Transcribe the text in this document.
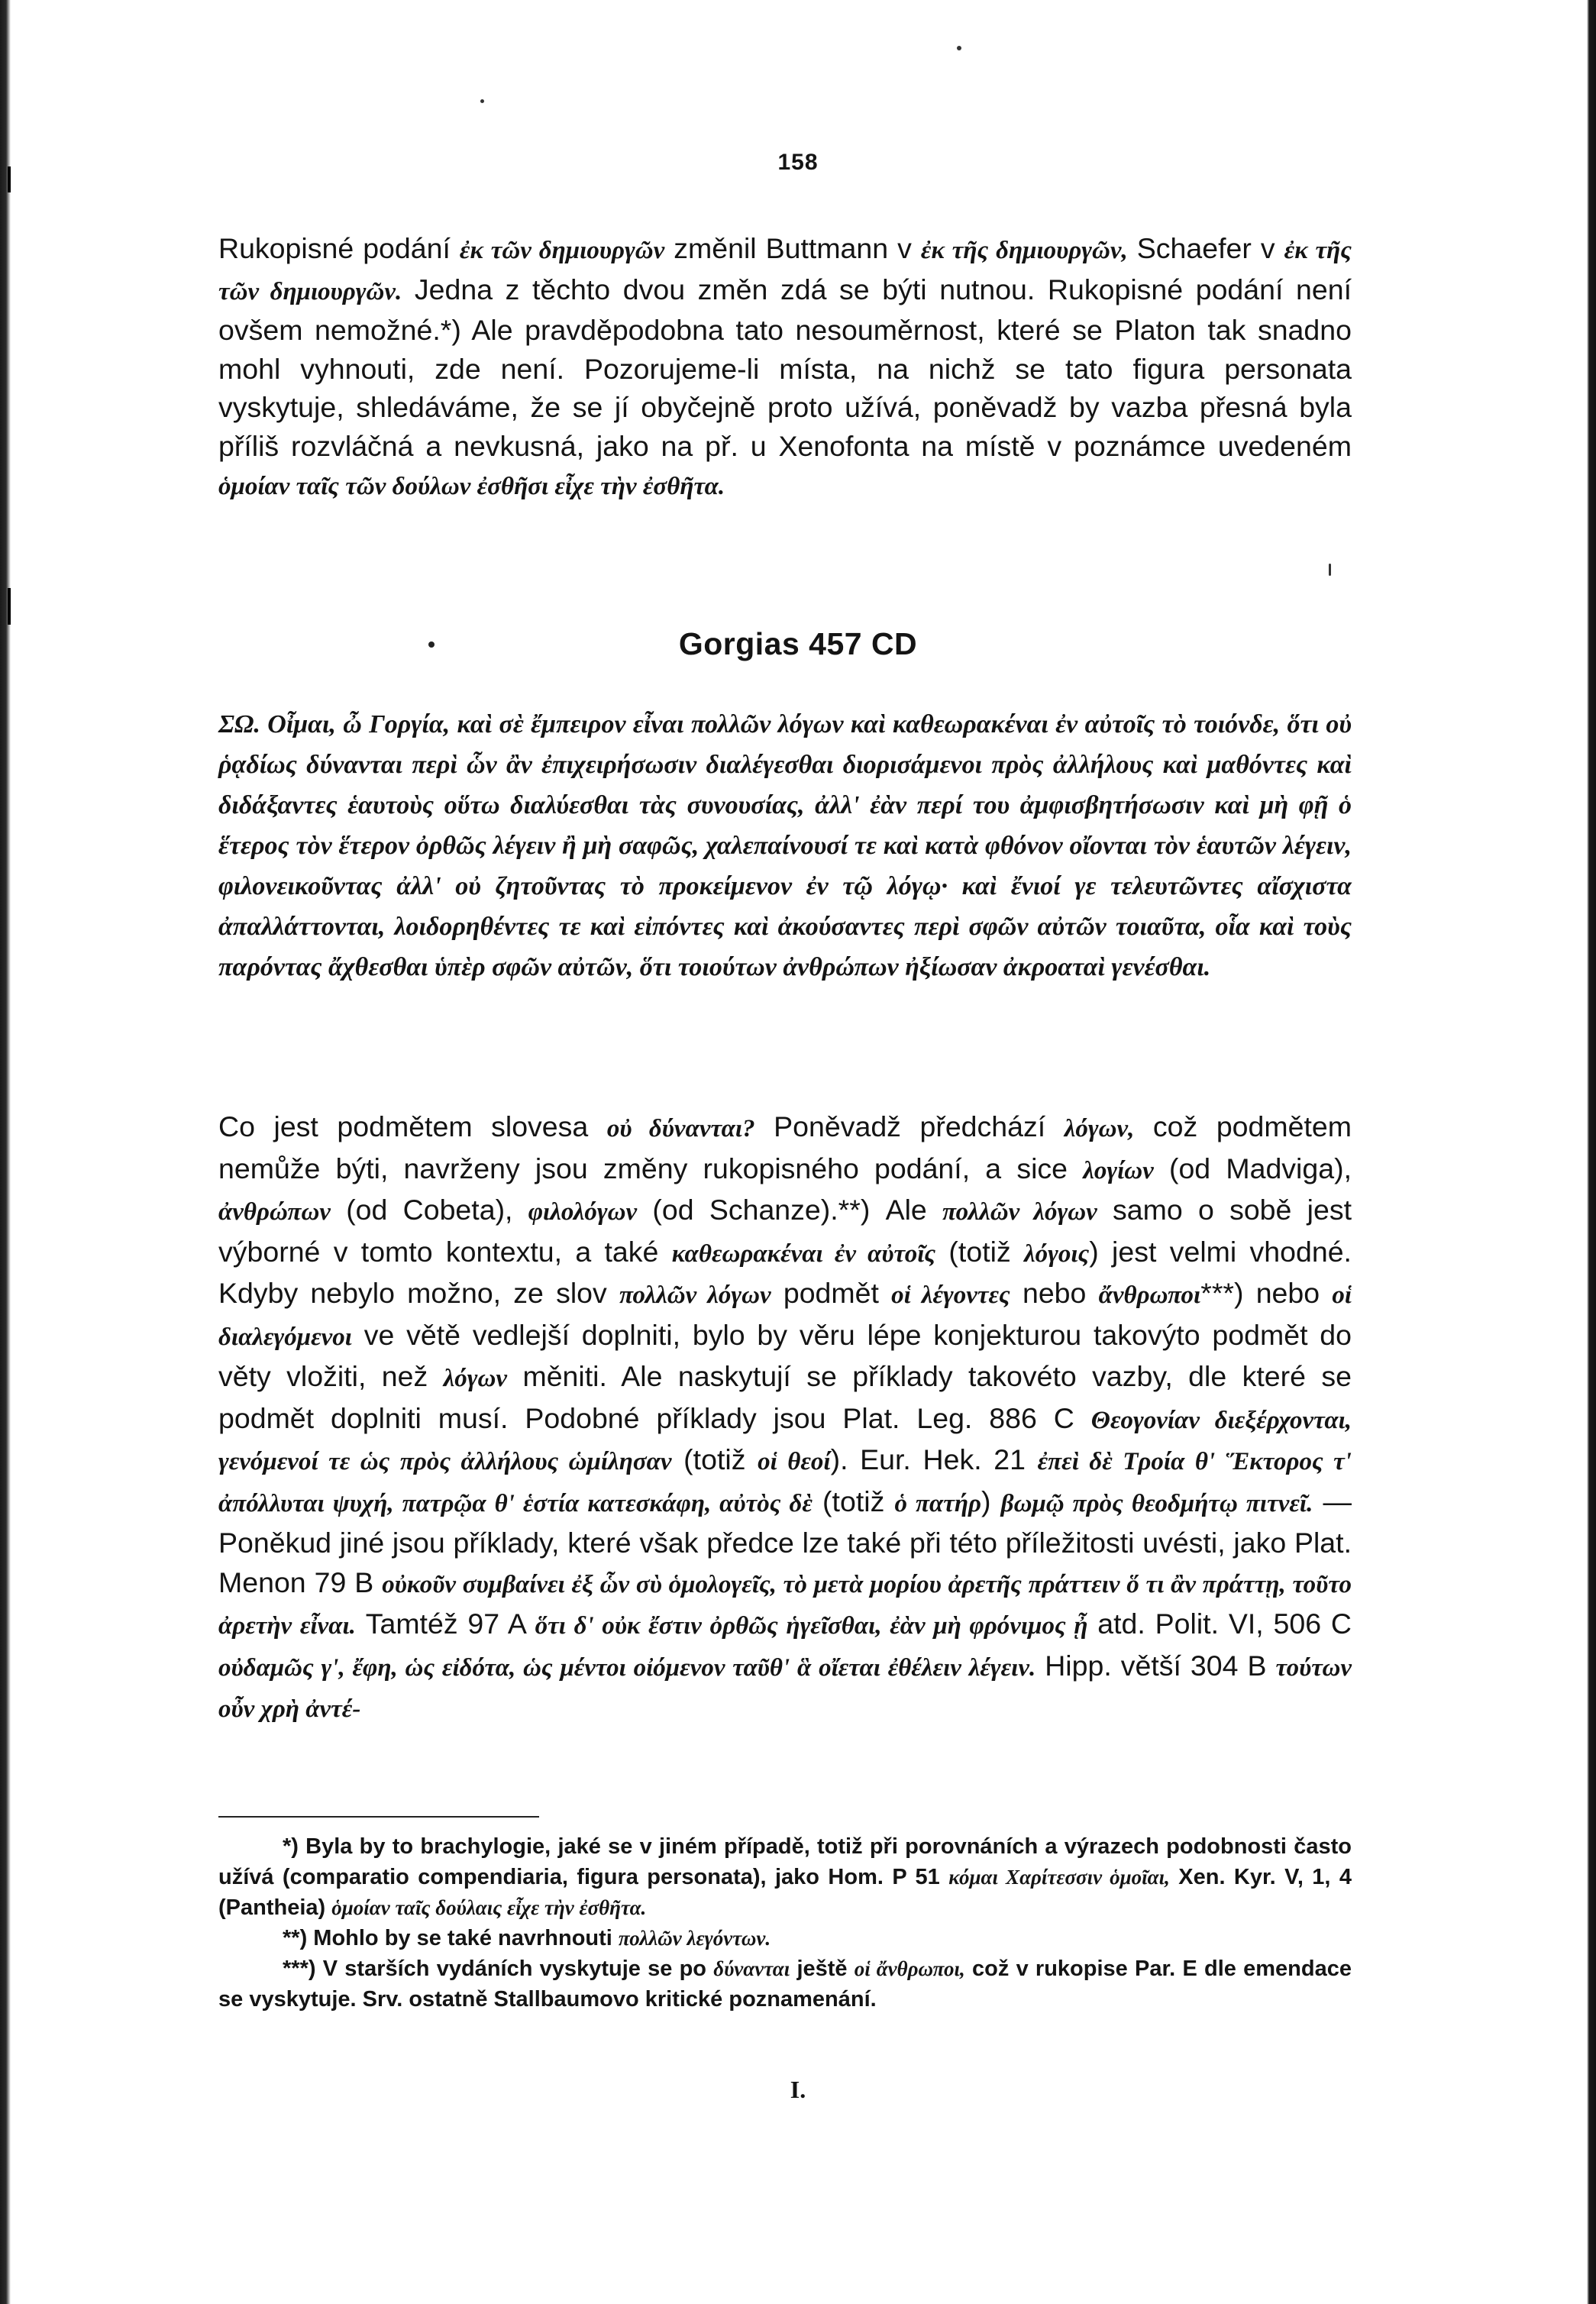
158

Rukopisné podání ἐκ τῶν δημιουργῶν změnil Buttmann v ἐκ τῆς δημιουργῶν, Schaefer v ἐκ τῆς τῶν δημιουργῶν. Jedna z těchto dvou změn zdá se býti nutnou. Rukopisné podání není ovšem nemožné.*) Ale pravděpodobna tato nesouměrnost, které se Platon tak snadno mohl vyhnouti, zde není. Pozorujeme-li místa, na nichž se tato figura personata vyskytuje, shledáváme, že se jí obyčejně proto užívá, poněvadž by vazba přesná byla příliš rozvláčná a nevkusná, jako na př. u Xenofonta na místě v poznámce uvedeném ὁμοίαν ταῖς τῶν δούλων ἐσθῆσι εἶχε τὴν ἐσθῆτα.

Gorgias 457 CD

ΣΩ. Οἶμαι, ὦ Γοργία, καὶ σὲ ἔμπειρον εἶναι πολλῶν λόγων καὶ καθεωρακέναι ἐν αὐτοῖς τὸ τοιόνδε, ὅτι οὐ ῥᾳδίως δύνανται περὶ ὧν ἂν ἐπιχειρήσωσιν διαλέγεσθαι διορισάμενοι πρὸς ἀλλήλους καὶ μαθόντες καὶ διδάξαντες ἑαυτοὺς οὕτω διαλύεσθαι τὰς συνουσίας, ἀλλ' ἐὰν περί του ἀμφισβητήσωσιν καὶ μὴ φῇ ὁ ἕτερος τὸν ἕτερον ὀρθῶς λέγειν ἢ μὴ σαφῶς, χαλεπαίνουσί τε καὶ κατὰ φθόνον οἴονται τὸν ἑαυτῶν λέγειν, φιλονεικοῦντας ἀλλ' οὐ ζητοῦντας τὸ προκείμενον ἐν τῷ λόγῳ· καὶ ἔνιοί γε τελευτῶντες αἴσχιστα ἀπαλλάττονται, λοιδορηθέντες τε καὶ εἰπόντες καὶ ἀκούσαντες περὶ σφῶν αὐτῶν τοιαῦτα, οἷα καὶ τοὺς παρόντας ἄχθεσθαι ὑπὲρ σφῶν αὐτῶν, ὅτι τοιούτων ἀνθρώπων ἠξίωσαν ἀκροαταὶ γενέσθαι.

Co jest podmětem slovesa οὐ δύνανται? Poněvadž předchází λόγων, což podmětem nemůže býti, navrženy jsou změny rukopisného podání, a sice λογίων (od Madviga), ἀνθρώπων (od Cobeta), φιλολόγων (od Schanze).**) Ale πολλῶν λόγων samo o sobě jest výborné v tomto kontextu, a také καθεωρακέναι ἐν αὐτοῖς (totiž λόγοις) jest velmi vhodné. Kdyby nebylo možno, ze slov πολλῶν λόγων podmět οἱ λέγοντες nebo ἄνθρωποι***) nebo οἱ διαλεγόμενοι ve větě vedlejší doplniti, bylo by věru lépe konjekturou takovýto podmět do věty vložiti, než λόγων měniti. Ale naskytují se příklady takovéto vazby, dle které se podmět doplniti musí. Podobné příklady jsou Plat. Leg. 886 C Θεογονίαν διεξέρχονται, γενόμενοί τε ὡς πρὸς ἀλλήλους ὡμίλησαν (totiž οἱ θεοί). Eur. Hek. 21 ἐπεὶ δὲ Τροία θ' Ἕκτορος τ' ἀπόλλυται ψυχή, πατρῷα θ' ἑστία κατεσκάφη, αὐτὸς δὲ (totiž ὁ πατήρ) βωμῷ πρὸς θεοδμήτῳ πιτνεῖ. — Poněkud jiné jsou příklady, které však předce lze také při této příležitosti uvésti, jako Plat. Menon 79 B οὐκοῦν συμβαίνει ἐξ ὧν σὺ ὁμολογεῖς, τὸ μετὰ μορίου ἀρετῆς πράττειν ὅ τι ἂν πράττῃ, τοῦτο ἀρετὴν εἶναι. Tamtéž 97 A ὅτι δ' οὐκ ἔστιν ὀρθῶς ἡγεῖσθαι, ἐὰν μὴ φρόνιμος ᾖ atd. Polit. VI, 506 C οὐδαμῶς γ', ἔφη, ὡς εἰδότα, ὡς μέντοι οἰόμενον ταῦθ' ἃ οἴεται ἐθέλειν λέγειν. Hipp. větší 304 B τούτων οὖν χρὴ ἀντέ-

*) Byla by to brachylogie, jaké se v jiném případě, totiž při porovnáních a výrazech podobnosti často užívá (comparatio compendiaria, figura personata), jako Hom. P 51 κόμαι Χαρίτεσσιν ὁμοῖαι, Xen. Kyr. V, 1, 4 (Pantheia) ὁμοίαν ταῖς δούλαις εἶχε τὴν ἐσθῆτα.

**) Mohlo by se také navrhnouti πολλῶν λεγόντων.

***) V starších vydáních vyskytuje se po δύνανται ještě οἱ ἄνθρωποι, což v rukopise Par. E dle emendace se vyskytuje. Srv. ostatně Stallbaumovo kritické poznamenání.

I.
